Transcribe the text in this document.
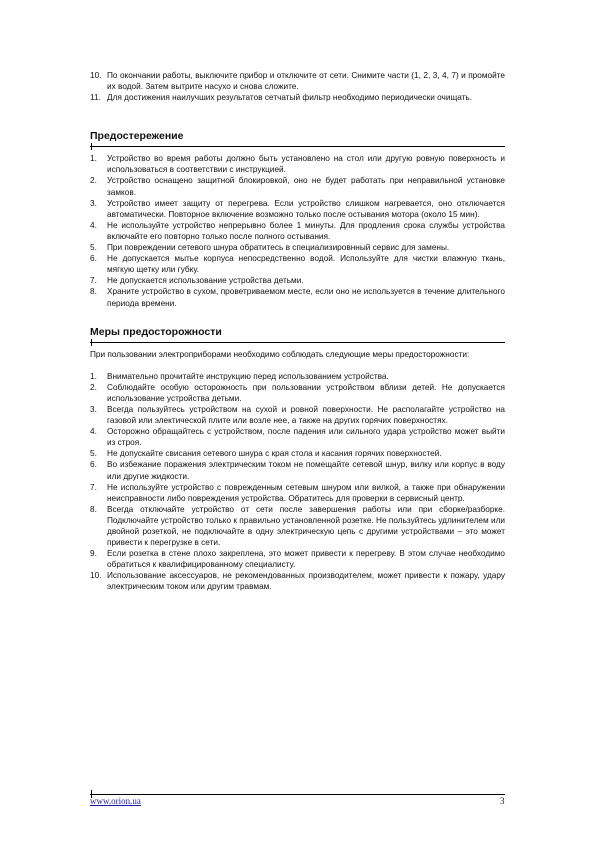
10. По окончании работы, выключите прибор и отключите от сети. Снимите части (1, 2, 3, 4, 7) и промойте их водой. Затем вытрите насухо и снова сложите.
11. Для достижения наилучших результатов сетчатый фильтр необходимо периодически очищать.
Предостережение
1. Устройство во время работы должно быть установлено на стол или другую ровную поверхность и использоваться в соответствии с инструкцией.
2. Устройство оснащено защитной блокировкой, оно не будет работать при неправильной установке замков.
3. Устройство имеет защиту от перегрева. Если устройство слишком нагревается, оно отключается автоматически. Повторное включение возможно только после остывания мотора (около 15 мин).
4. Не используйте устройство непрерывно более 1 минуты. Для продления срока службы устройства включайте его повторно только после полного остывания.
5. При повреждении сетевого шнура обратитесь в специализировнный сервис для замены.
6. Не допускается мытье корпуса непосредственно водой. Используйте для чистки влажную ткань, мягкую щетку или губку.
7. Не допускается использование устройства детьми.
8. Храните устройство в сухом, проветриваемом месте, если оно не используется в течение длительного периода времени.
Меры предосторожности
При пользовании электроприборами необходимо соблюдать следующие меры предосторожности:
1. Внимательно прочитайте инструкцию перед использованием устройства.
2. Соблюдайте особую осторожность при пользовании устройством вблизи детей. Не допускается использование устройства детьми.
3. Всегда пользуйтесь устройством на сухой и ровной поверхности. Не располагайте устройство на газовой или электической плите или возле нее, а также на других горячих поверхностях.
4. Осторожно обращайтесь с устройством, после падения или сильного удара устройство может выйти из строя.
5. Не допускайте свисания сетевого шнура с края стола и касания горячих поверхностей.
6. Во избежание поражения электрическим током не помещайте сетевой шнур, вилку или корпус в воду или другие жидкости.
7. Не используйте устройство с поврежденным сетевым шнуром или вилкой, а также при обнаружении неисправности либо повреждения устройства. Обратитесь для проверки в сервисный центр.
8. Всегда отключайте устройство от сети после завершения работы или при сборке/разборке. Подключайте устройство только к правильно установленной розетке. Не пользуйтесь удлинителем или двойной розеткой, не подключайте в одну электрическую цепь с другими устройствами – это может привести к перегрузке в сети.
9. Если розетка в стене плохо закреплена, это может привести к перегреву. В этом случае необходимо обратиться к квалифицированному специалисту.
10. Использование аксессуаров, не рекомендованных производителем, может привести к пожару, удару электрическим током или другим травмам.
www.orion.ua	3
